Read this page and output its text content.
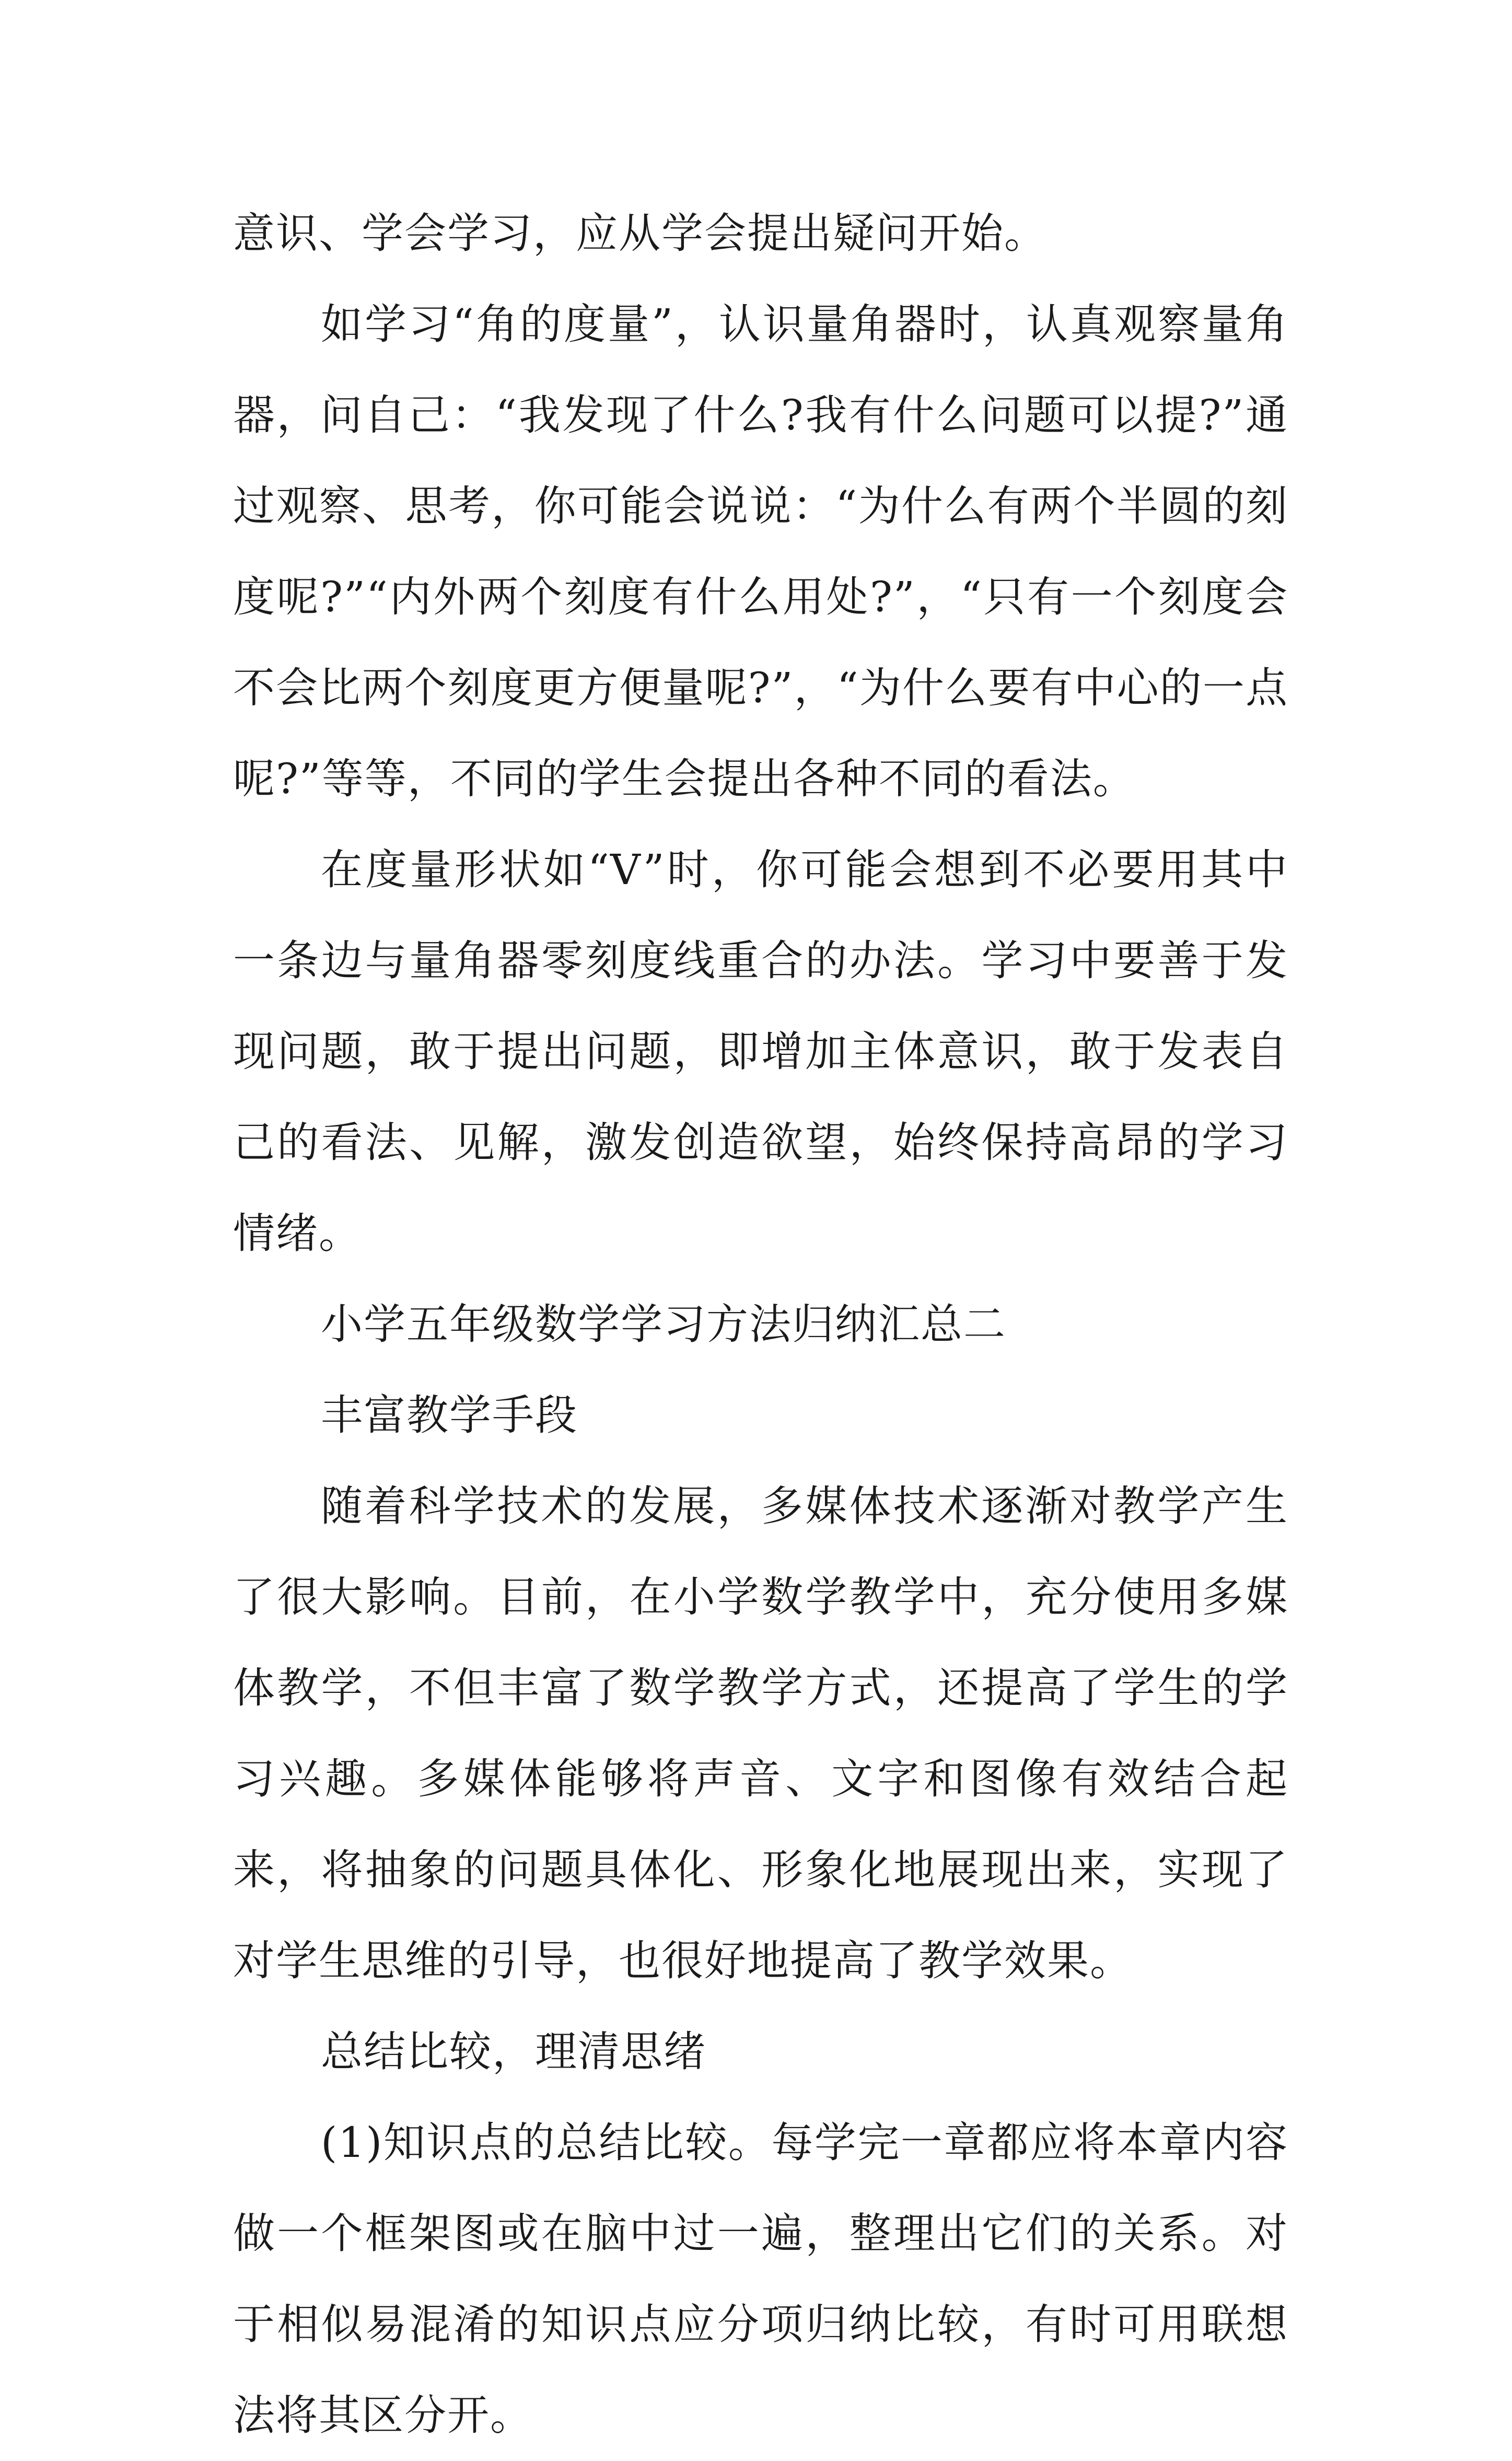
意识、学会学习，应从学会提出疑问开始。

如学习“角的度量”，认识量角器时，认真观察量角器，问自己：“我发现了什么?我有什么问题可以提?”通过观察、思考，你可能会说说：“为什么有两个半圆的刻度呢?”“内外两个刻度有什么用处?”，“只有一个刻度会不会比两个刻度更方便量呢?”，“为什么要有中心的一点呢?”等等，不同的学生会提出各种不同的看法。

在度量形状如“V”时，你可能会想到不必要用其中一条边与量角器零刻度线重合的办法。学习中要善于发现问题，敢于提出问题，即增加主体意识，敢于发表自己的看法、见解，激发创造欲望，始终保持高昂的学习情绪。

小学五年级数学学习方法归纳汇总二

丰富教学手段

随着科学技术的发展，多媒体技术逐渐对教学产生了很大影响。目前，在小学数学教学中，充分使用多媒体教学，不但丰富了数学教学方式，还提高了学生的学习兴趣。多媒体能够将声音、文字和图像有效结合起来，将抽象的问题具体化、形象化地展现出来，实现了对学生思维的引导，也很好地提高了教学效果。

总结比较，理清思绪

(1)知识点的总结比较。每学完一章都应将本章内容做一个框架图或在脑中过一遍，整理出它们的关系。对于相似易混淆的知识点应分项归纳比较，有时可用联想法将其区分开。
